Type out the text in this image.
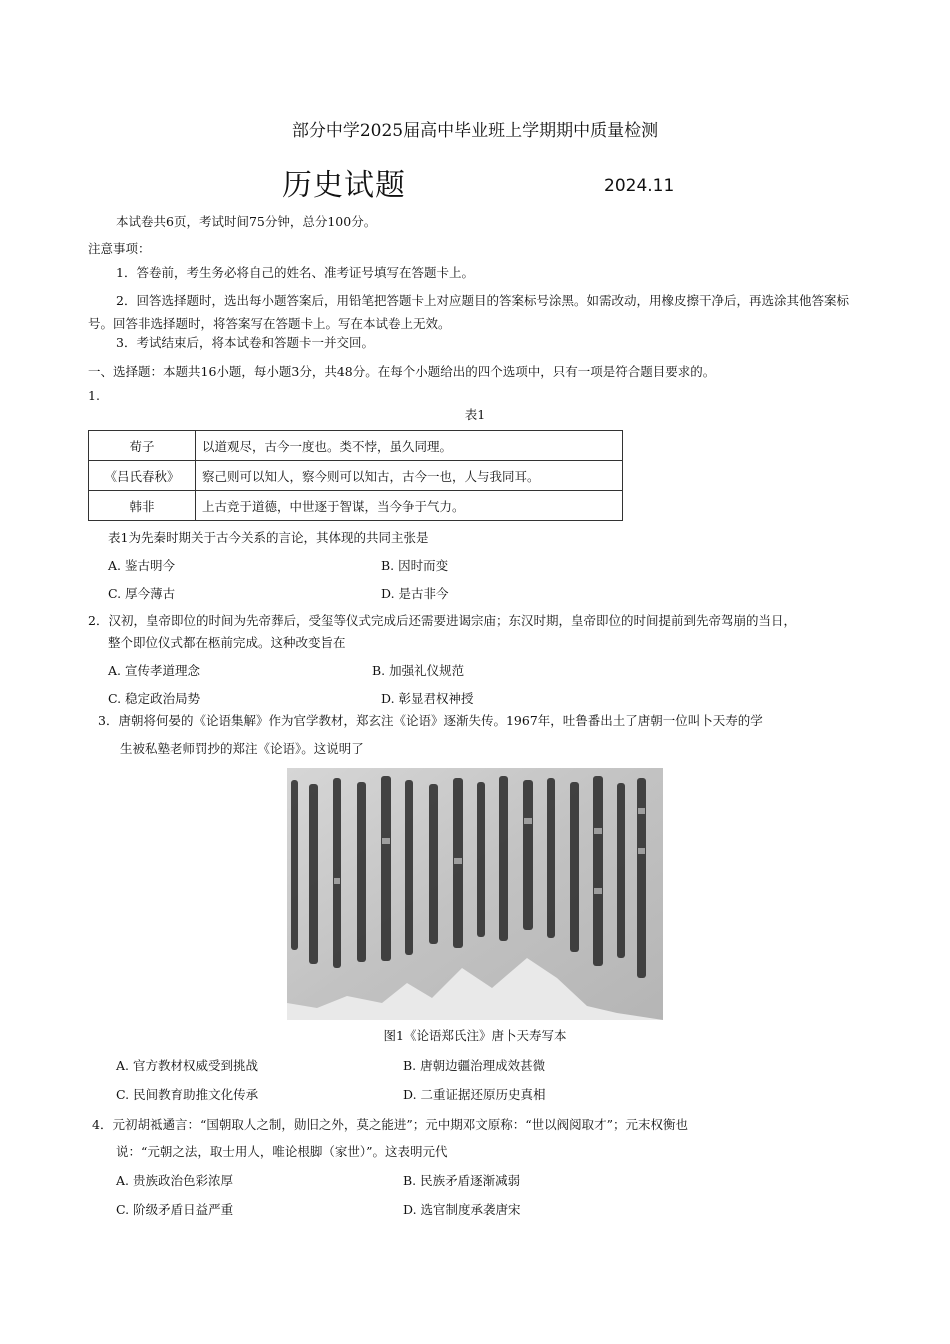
部分中学2025届高中毕业班上学期期中质量检测
历史试题	2024.11
本试卷共6页，考试时间75分钟，总分100分。
注意事项：
1．答卷前，考生务必将自己的姓名、准考证号填写在答题卡上。
2．回答选择题时，选出每小题答案后，用铅笔把答题卡上对应题目的答案标号涂黑。如需改动，用橡皮擦干净后，再选涂其他答案标号。回答非选择题时，将答案写在答题卡上。写在本试卷上无效。
3．考试结束后，将本试卷和答题卡一并交回。
一、选择题：本题共16小题，每小题3分，共48分。在每个小题给出的四个选项中，只有一项是符合题目要求的。
1.
表1
荀子	以道观尽，古今一度也。类不悖，虽久同理。
《吕氏春秋》	察己则可以知人，察今则可以知古，古今一也，人与我同耳。
韩非	上古竞于道德，中世逐于智谋，当今争于气力。
表1为先秦时期关于古今关系的言论，其体现的共同主张是
A. 鉴古明今	B. 因时而变
C. 厚今薄古	D. 是古非今
2．汉初，皇帝即位的时间为先帝葬后，受玺等仪式完成后还需要进谒宗庙；东汉时期，皇帝即位的时间提前到先帝驾崩的当日，
整个即位仪式都在柩前完成。这种改变旨在
A. 宣传孝道理念	B. 加强礼仪规范
C. 稳定政治局势	D. 彰显君权神授
3．唐朝将何晏的《论语集解》作为官学教材，郑玄注《论语》逐渐失传。1967年，吐鲁番出土了唐朝一位叫卜天寿的学
生被私塾老师罚抄的郑注《论语》。这说明了
图1《论语郑氏注》唐卜天寿写本
A. 官方教材权威受到挑战	B. 唐朝边疆治理成效甚微
C. 民间教育助推文化传承	D. 二重证据还原历史真相
4．元初胡祗遹言：“国朝取人之制，勋旧之外，莫之能进”；元中期邓文原称：“世以阀阅取才”；元末权衡也
说：“元朝之法，取士用人，唯论根脚（家世）”。这表明元代
A. 贵族政治色彩浓厚	B. 民族矛盾逐渐减弱
C. 阶级矛盾日益严重	D. 选官制度承袭唐宋
